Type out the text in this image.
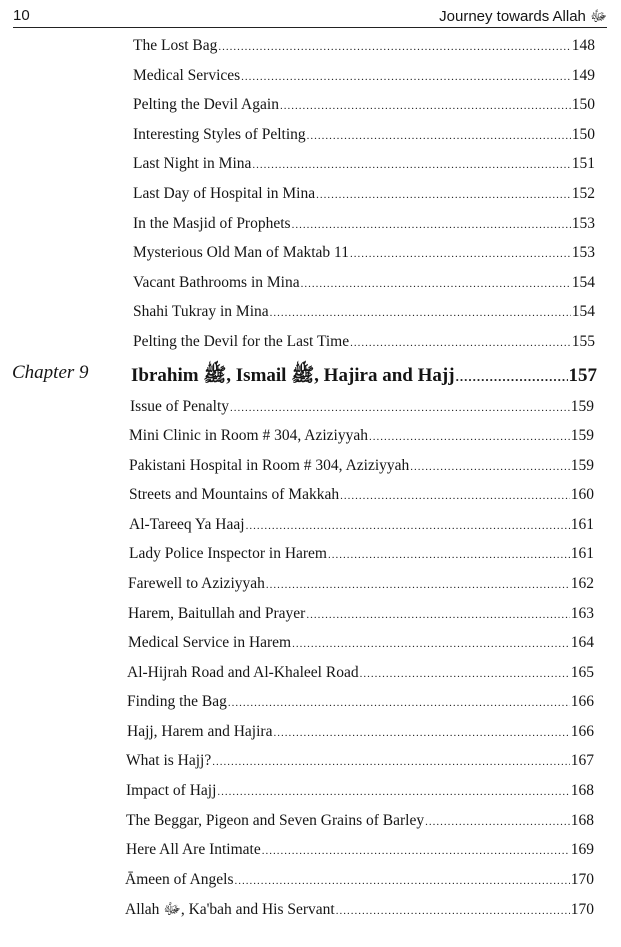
10	Journey towards Allah ﷻ
The Lost Bag .....	148
Medical Services .....	149
Pelting the Devil Again .....	150
Interesting Styles of Pelting .....	150
Last Night in Mina .....	151
Last Day of Hospital in Mina .....	152
In the Masjid of Prophets .....	153
Mysterious Old Man of Maktab 11 .....	153
Vacant Bathrooms in Mina .....	154
Shahi Tukray in Mina .....	154
Pelting the Devil for the Last Time .....	155
Chapter 9 Ibrahim ﷺ, Ismail ﷺ, Hajira and Hajj .....	157
Issue of Penalty .....	159
Mini Clinic in Room # 304, Aziziyyah .....	159
Pakistani Hospital in Room # 304, Aziziyyah .....	159
Streets and Mountains of Makkah .....	160
Al-Tareeq Ya Haaj .....	161
Lady Police Inspector in Harem .....	161
Farewell to Aziziyyah .....	162
Harem, Baitullah and Prayer .....	163
Medical Service in Harem .....	164
Al-Hijrah Road and Al-Khaleel Road .....	165
Finding the Bag .....	166
Hajj, Harem and Hajira .....	166
What is Hajj? .....	167
Impact of Hajj .....	168
The Beggar, Pigeon and Seven Grains of Barley .....	168
Here All Are Intimate .....	169
Āmeen of Angels .....	170
Allah ﷻ, Ka'bah and His Servant .....	170
